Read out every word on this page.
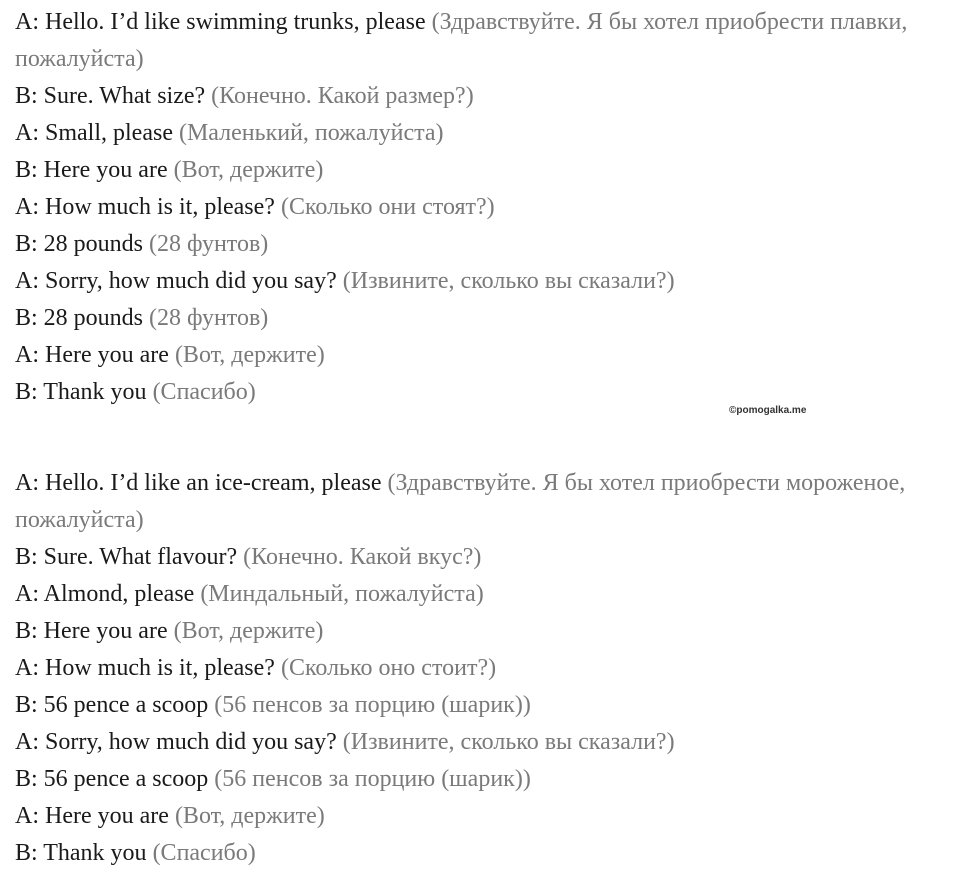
A: Hello. I’d like swimming trunks, please (Здравствуйте. Я бы хотел приобрести плавки, пожалуйста)

B: Sure. What size? (Конечно. Какой размер?)

A: Small, please (Маленький, пожалуйста)

B: Here you are (Вот, держите)

A: How much is it, please? (Сколько они стоят?)

B: 28 pounds (28 фунтов)

A: Sorry, how much did you say? (Извините, сколько вы сказали?)

B: 28 pounds (28 фунтов)

A: Here you are (Вот, держите)

B: Thank you (Спасибо)

©pomogalka.me

A: Hello. I’d like an ice-cream, please (Здравствуйте. Я бы хотел приобрести мороженое, пожалуйста)

B: Sure. What flavour? (Конечно. Какой вкус?)

A: Almond, please (Миндальный, пожалуйста)

B: Here you are (Вот, держите)

A: How much is it, please? (Сколько оно стоит?)

B: 56 pence a scoop (56 пенсов за порцию (шарик))

A: Sorry, how much did you say? (Извините, сколько вы сказали?)

B: 56 pence a scoop (56 пенсов за порцию (шарик))

A: Here you are (Вот, держите)

B: Thank you (Спасибо)
